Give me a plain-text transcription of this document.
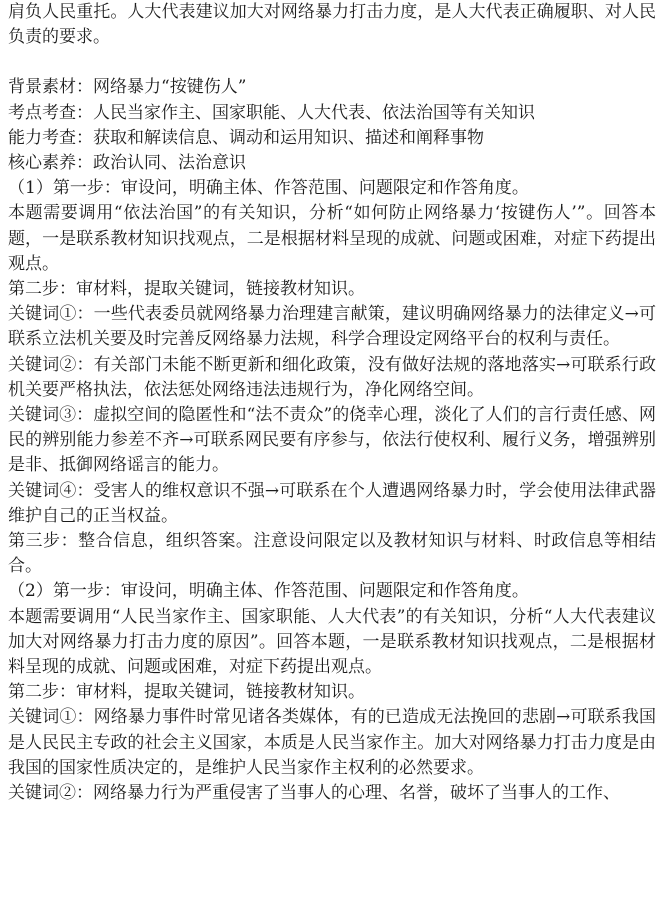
肩负人民重托。人大代表建议加大对网络暴力打击力度，是人大代表正确履职、对人民负责的要求。

背景素材：网络暴力“按键伤人”

考点考查：人民当家作主、国家职能、人大代表、依法治国等有关知识

能力考查：获取和解读信息、调动和运用知识、描述和阐释事物

核心素养：政治认同、法治意识

（1）第一步：审设问，明确主体、作答范围、问题限定和作答角度。

本题需要调用“依法治国”的有关知识，分析“如何防止网络暴力‘按键伤人’”。回答本题，一是联系教材知识找观点，二是根据材料呈现的成就、问题或困难，对症下药提出观点。

第二步：审材料，提取关键词，链接教材知识。

关键词①：一些代表委员就网络暴力治理建言献策，建议明确网络暴力的法律定义→可联系立法机关要及时完善反网络暴力法规，科学合理设定网络平台的权利与责任。

关键词②：有关部门未能不断更新和细化政策，没有做好法规的落地落实→可联系行政机关要严格执法，依法惩处网络违法违规行为，净化网络空间。

关键词③：虚拟空间的隐匿性和“法不责众”的侥幸心理，淡化了人们的言行责任感、网民的辨别能力参差不齐→可联系网民要有序参与，依法行使权利、履行义务，增强辨别是非、抵御网络谣言的能力。

关键词④：受害人的维权意识不强→可联系在个人遭遇网络暴力时，学会使用法律武器维护自己的正当权益。

第三步：整合信息，组织答案。注意设问限定以及教材知识与材料、时政信息等相结合。

（2）第一步：审设问，明确主体、作答范围、问题限定和作答角度。

本题需要调用“人民当家作主、国家职能、人大代表”的有关知识，分析“人大代表建议加大对网络暴力打击力度的原因”。回答本题，一是联系教材知识找观点，二是根据材料呈现的成就、问题或困难，对症下药提出观点。

第二步：审材料，提取关键词，链接教材知识。

关键词①：网络暴力事件时常见诸各类媒体，有的已造成无法挽回的悲剧→可联系我国是人民民主专政的社会主义国家，本质是人民当家作主。加大对网络暴力打击力度是由我国的国家性质决定的，是维护人民当家作主权利的必然要求。

关键词②：网络暴力行为严重侵害了当事人的心理、名誉，破坏了当事人的工作、
